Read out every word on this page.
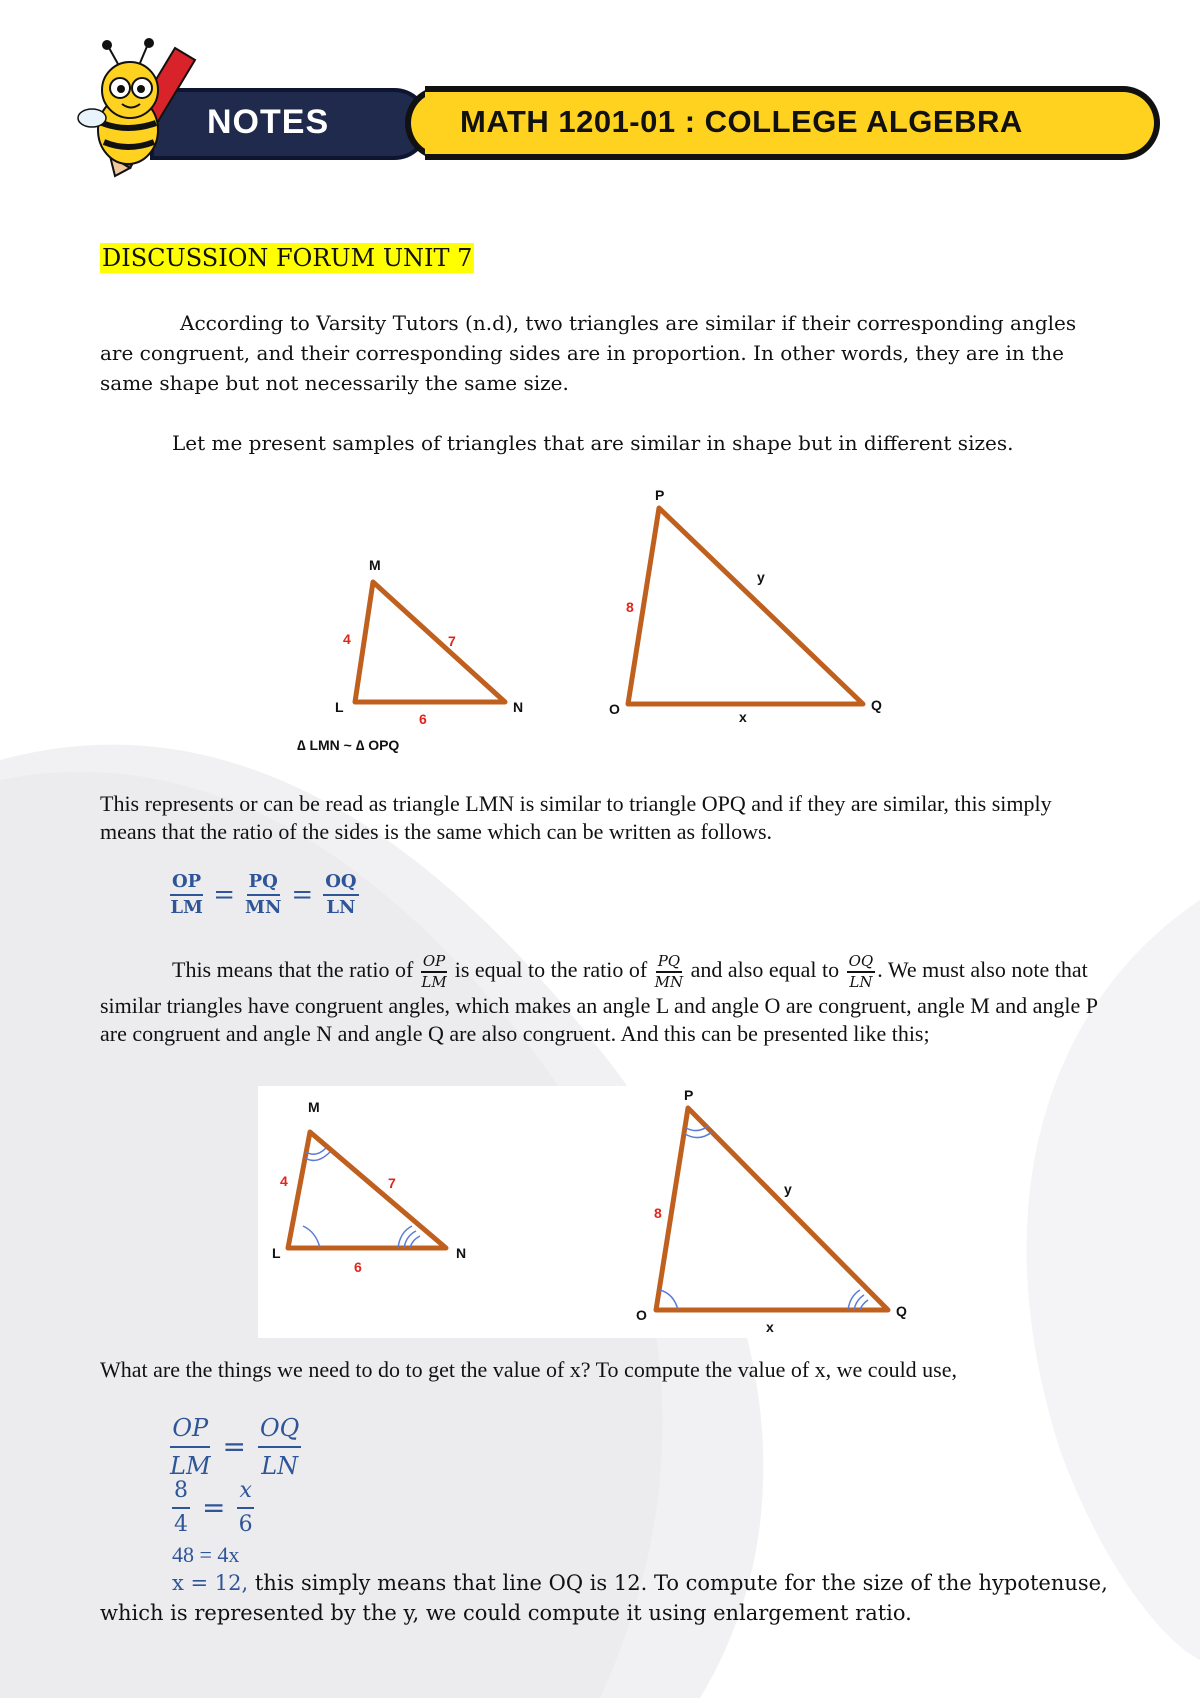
NOTES	MATH 1201-01 : COLLEGE ALGEBRA
DISCUSSION FORUM UNIT 7
According to Varsity Tutors (n.d), two triangles are similar if their corresponding angles are congruent, and their corresponding sides are in proportion. In other words, they are in the same shape but not necessarily the same size.
Let me present samples of triangles that are similar in shape but in different sizes.
M
L	N
4	7
6
P
O	Q
8
y
x
∆ LMN ~ ∆ OPQ
This represents or can be read as triangle LMN is similar to triangle OPQ and if they are similar, this simply means that the ratio of the sides is the same which can be written as follows.
$\frac{OP}{LM} = \frac{PQ}{MN} = \frac{OQ}{LN}$
This means that the ratio of $\frac{OP}{LM}$ is equal to the ratio of $\frac{PQ}{MN}$ and also equal to $\frac{OQ}{LN}$ . We must also note that similar triangles have congruent angles, which makes an angle L and angle O are congruent, angle M and angle P are congruent and angle N and angle Q are also congruent. And this can be presented like this;
M
L	N
4	7
6
P
O	Q
8
y
x
What are the things we need to do to get the value of x? To compute the value of x, we could use,
$\frac{OP}{LM} = \frac{OQ}{LN}$
$\frac{8}{4} = \frac{x}{6}$
48 = 4x
x = 12, this simply means that line OQ is 12. To compute for the size of the hypotenuse, which is represented by the y, we could compute it using enlargement ratio.
